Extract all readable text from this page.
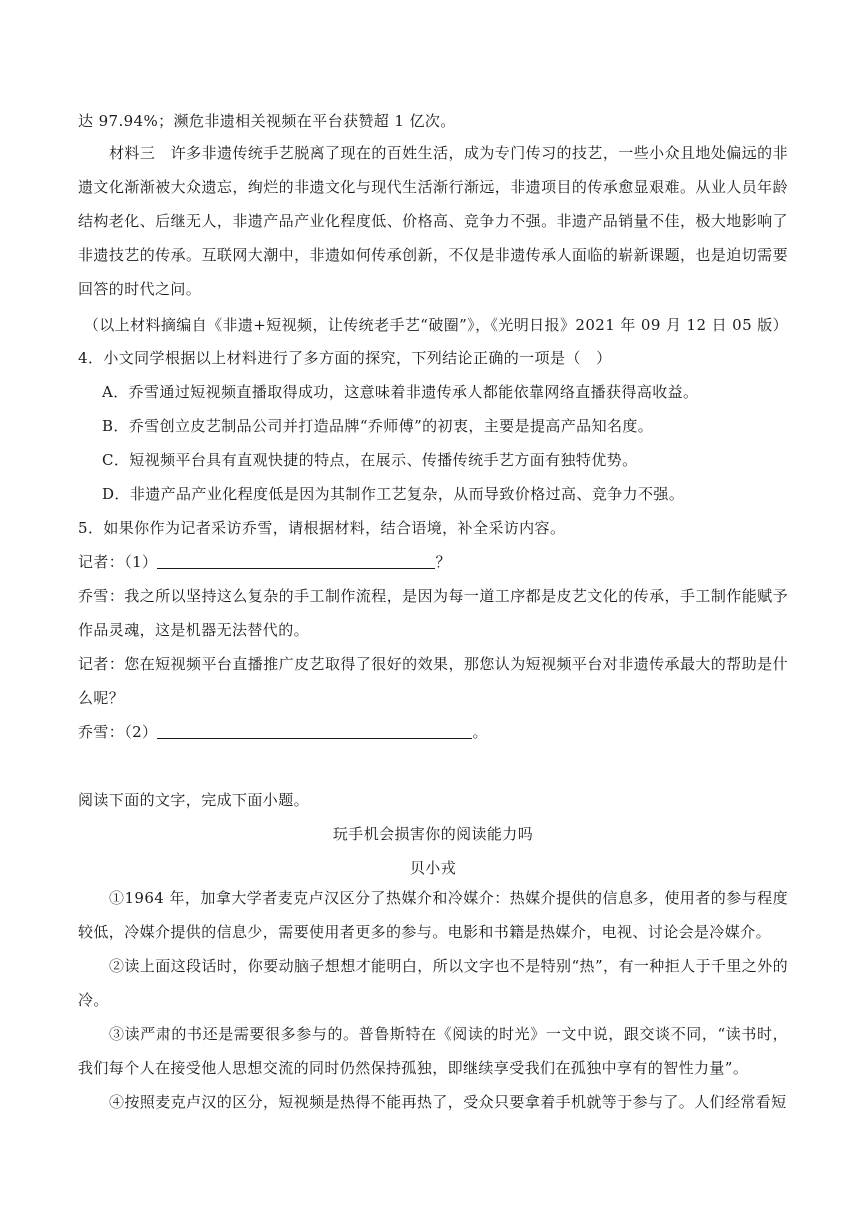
达 97.94%；濒危非遗相关视频在平台获赞超 1 亿次。
材料三　许多非遗传统手艺脱离了现在的百姓生活，成为专门传习的技艺，一些小众且地处偏远的非遗文化渐渐被大众遗忘，绚烂的非遗文化与现代生活渐行渐远，非遗项目的传承愈显艰难。从业人员年龄结构老化、后继无人，非遗产品产业化程度低、价格高、竞争力不强。非遗产品销量不佳，极大地影响了非遗技艺的传承。互联网大潮中，非遗如何传承创新，不仅是非遗传承人面临的崭新课题，也是迫切需要回答的时代之问。
（以上材料摘编自《非遗+短视频，让传统老手艺“破圈”》，《光明日报》2021 年 09 月 12 日 05 版）
4．小文同学根据以上材料进行了多方面的探究，下列结论正确的一项是（　）
A．乔雪通过短视频直播取得成功，这意味着非遗传承人都能依靠网络直播获得高收益。
B．乔雪创立皮艺制品公司并打造品牌“乔师傅”的初衷，主要是提高产品知名度。
C．短视频平台具有直观快捷的特点，在展示、传播传统手艺方面有独特优势。
D．非遗产品产业化程度低是因为其制作工艺复杂，从而导致价格过高、竞争力不强。
5．如果你作为记者采访乔雪，请根据材料，结合语境，补全采访内容。
记者：（1）	？
乔雪：我之所以坚持这么复杂的手工制作流程，是因为每一道工序都是皮艺文化的传承，手工制作能赋予作品灵魂，这是机器无法替代的。
记者：您在短视频平台直播推广皮艺取得了很好的效果，那您认为短视频平台对非遗传承最大的帮助是什么呢？
乔雪：（2）	。
阅读下面的文字，完成下面小题。
玩手机会损害你的阅读能力吗
贝小戎
①1964 年，加拿大学者麦克卢汉区分了热媒介和冷媒介：热媒介提供的信息多，使用者的参与程度较低，冷媒介提供的信息少，需要使用者更多的参与。电影和书籍是热媒介，电视、讨论会是冷媒介。
②读上面这段话时，你要动脑子想想才能明白，所以文字也不是特别“热”，有一种拒人于千里之外的冷。
③读严肃的书还是需要很多参与的。普鲁斯特在《阅读的时光》一文中说，跟交谈不同，“读书时，我们每个人在接受他人思想交流的同时仍然保持孤独，即继续享受我们在孤独中享有的智性力量”。
④按照麦克卢汉的区分，短视频是热得不能再热了，受众只要拿着手机就等于参与了。人们经常看短
